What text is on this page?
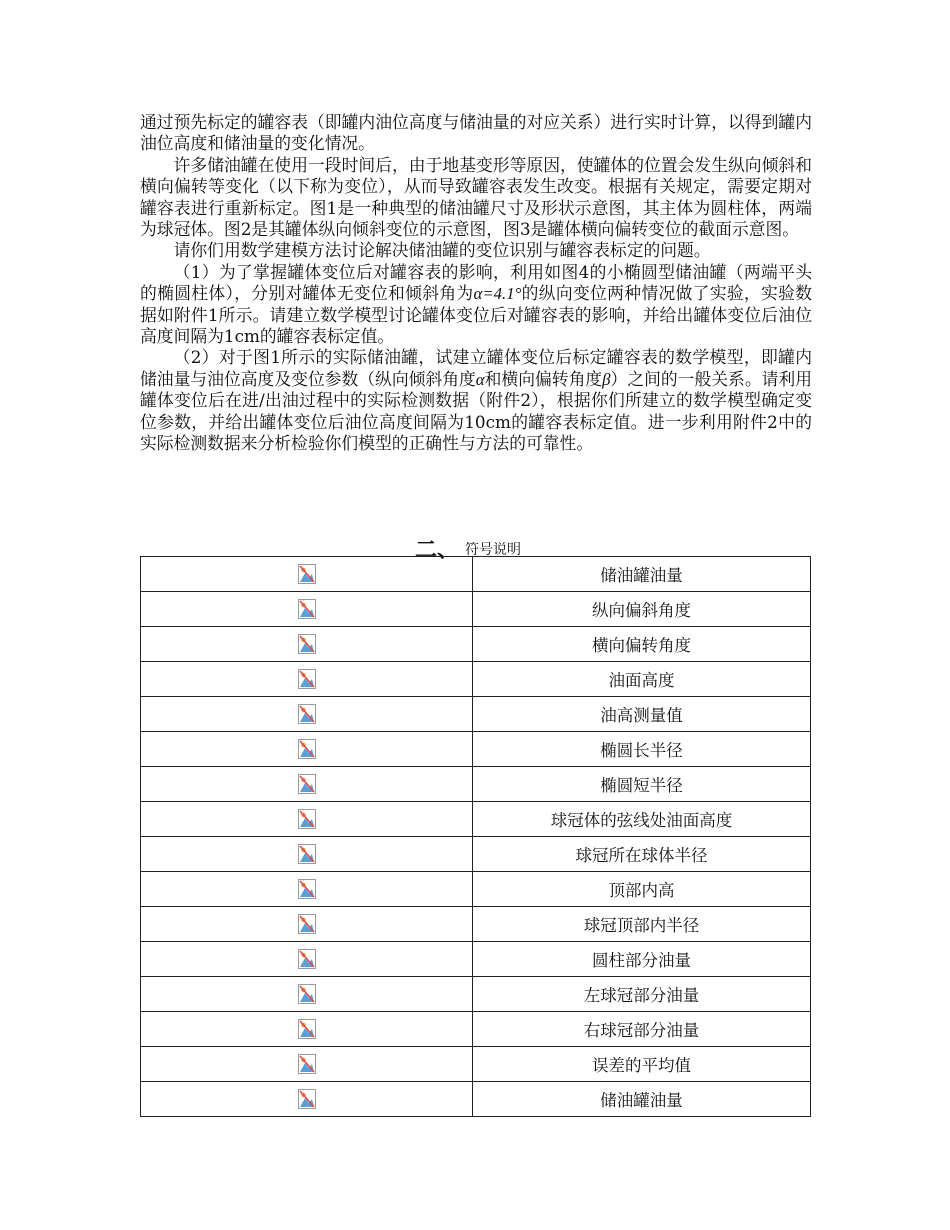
通过预先标定的罐容表（即罐内油位高度与储油量的对应关系）进行实时计算，以得到罐内油位高度和储油量的变化情况。

许多储油罐在使用一段时间后，由于地基变形等原因，使罐体的位置会发生纵向倾斜和横向偏转等变化（以下称为变位），从而导致罐容表发生改变。根据有关规定，需要定期对罐容表进行重新标定。图1是一种典型的储油罐尺寸及形状示意图，其主体为圆柱体，两端为球冠体。图2是其罐体纵向倾斜变位的示意图，图3是罐体横向偏转变位的截面示意图。

请你们用数学建模方法讨论解决储油罐的变位识别与罐容表标定的问题。

（1）为了掌握罐体变位后对罐容表的影响，利用如图4的小椭圆型储油罐（两端平头的椭圆柱体），分别对罐体无变位和倾斜角为α=4.1°的纵向变位两种情况做了实验，实验数据如附件1所示。请建立数学模型讨论罐体变位后对罐容表的影响，并给出罐体变位后油位高度间隔为1cm的罐容表标定值。

（2）对于图1所示的实际储油罐，试建立罐体变位后标定罐容表的数学模型，即罐内储油量与油位高度及变位参数（纵向倾斜角度α和横向偏转角度β）之间的一般关系。请利用罐体变位后在进/出油过程中的实际检测数据（附件2），根据你们所建立的数学模型确定变位参数，并给出罐体变位后油位高度间隔为10cm的罐容表标定值。进一步利用附件2中的实际检测数据来分析检验你们模型的正确性与方法的可靠性。

二、 符号说明
	储油罐油量

	纵向偏斜角度

	横向偏转角度

	油面高度

	油高测量值

	椭圆长半径

	椭圆短半径

	球冠体的弦线处油面高度

	球冠所在球体半径

	顶部内高

	球冠顶部内半径

	圆柱部分油量

	左球冠部分油量

	右球冠部分油量

	误差的平均值

	储油罐油量
